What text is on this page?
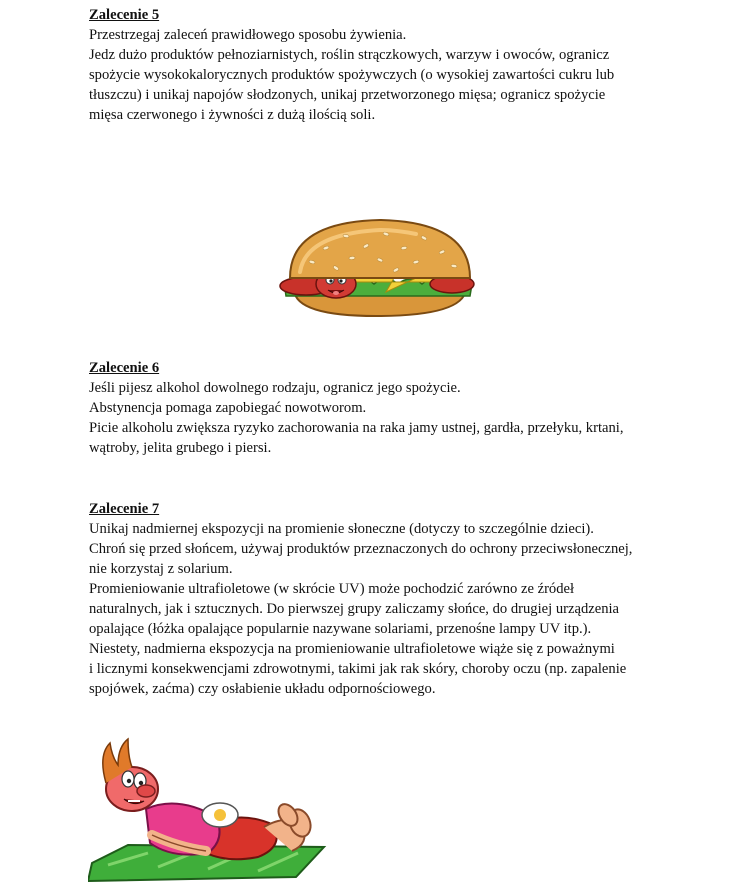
Zalecenie 5
Przestrzegaj zaleceń prawidłowego sposobu żywienia.
Jedz dużo produktów pełnoziarnistych, roślin strączkowych, warzyw i owoców, ogranicz
spożycie wysokokalorycznych produktów spożywczych (o wysokiej zawartości cukru lub
tłuszczu) i unikaj napojów słodzonych, unikaj przetworzonego mięsa; ogranicz spożycie
mięsa czerwonego i żywności z dużą ilością soli.
Zalecenie 6
Jeśli pijesz alkohol dowolnego rodzaju, ogranicz jego spożycie.
Abstynencja pomaga zapobiegać nowotworom.
Picie alkoholu zwiększa ryzyko zachorowania na raka jamy ustnej, gardła, przełyku, krtani,
wątroby, jelita grubego i piersi.
Zalecenie 7
Unikaj nadmiernej ekspozycji na promienie słoneczne (dotyczy to szczególnie dzieci).
Chroń się przed słońcem, używaj produktów przeznaczonych do ochrony przeciwsłonecznej,
nie korzystaj z solarium.
Promieniowanie ultrafioletowe (w skrócie UV) może pochodzić zarówno ze źródeł
naturalnych, jak i sztucznych. Do pierwszej grupy zaliczamy słońce, do drugiej urządzenia
opalające (łóżka opalające popularnie nazywane solariami, przenośne lampy UV itp.).
Niestety, nadmierna ekspozycja na promieniowanie ultrafioletowe wiąże się z poważnymi
i licznymi konsekwencjami zdrowotnymi, takimi jak rak skóry, choroby oczu (np. zapalenie
spojówek, zaćma) czy osłabienie układu odpornościowego.
